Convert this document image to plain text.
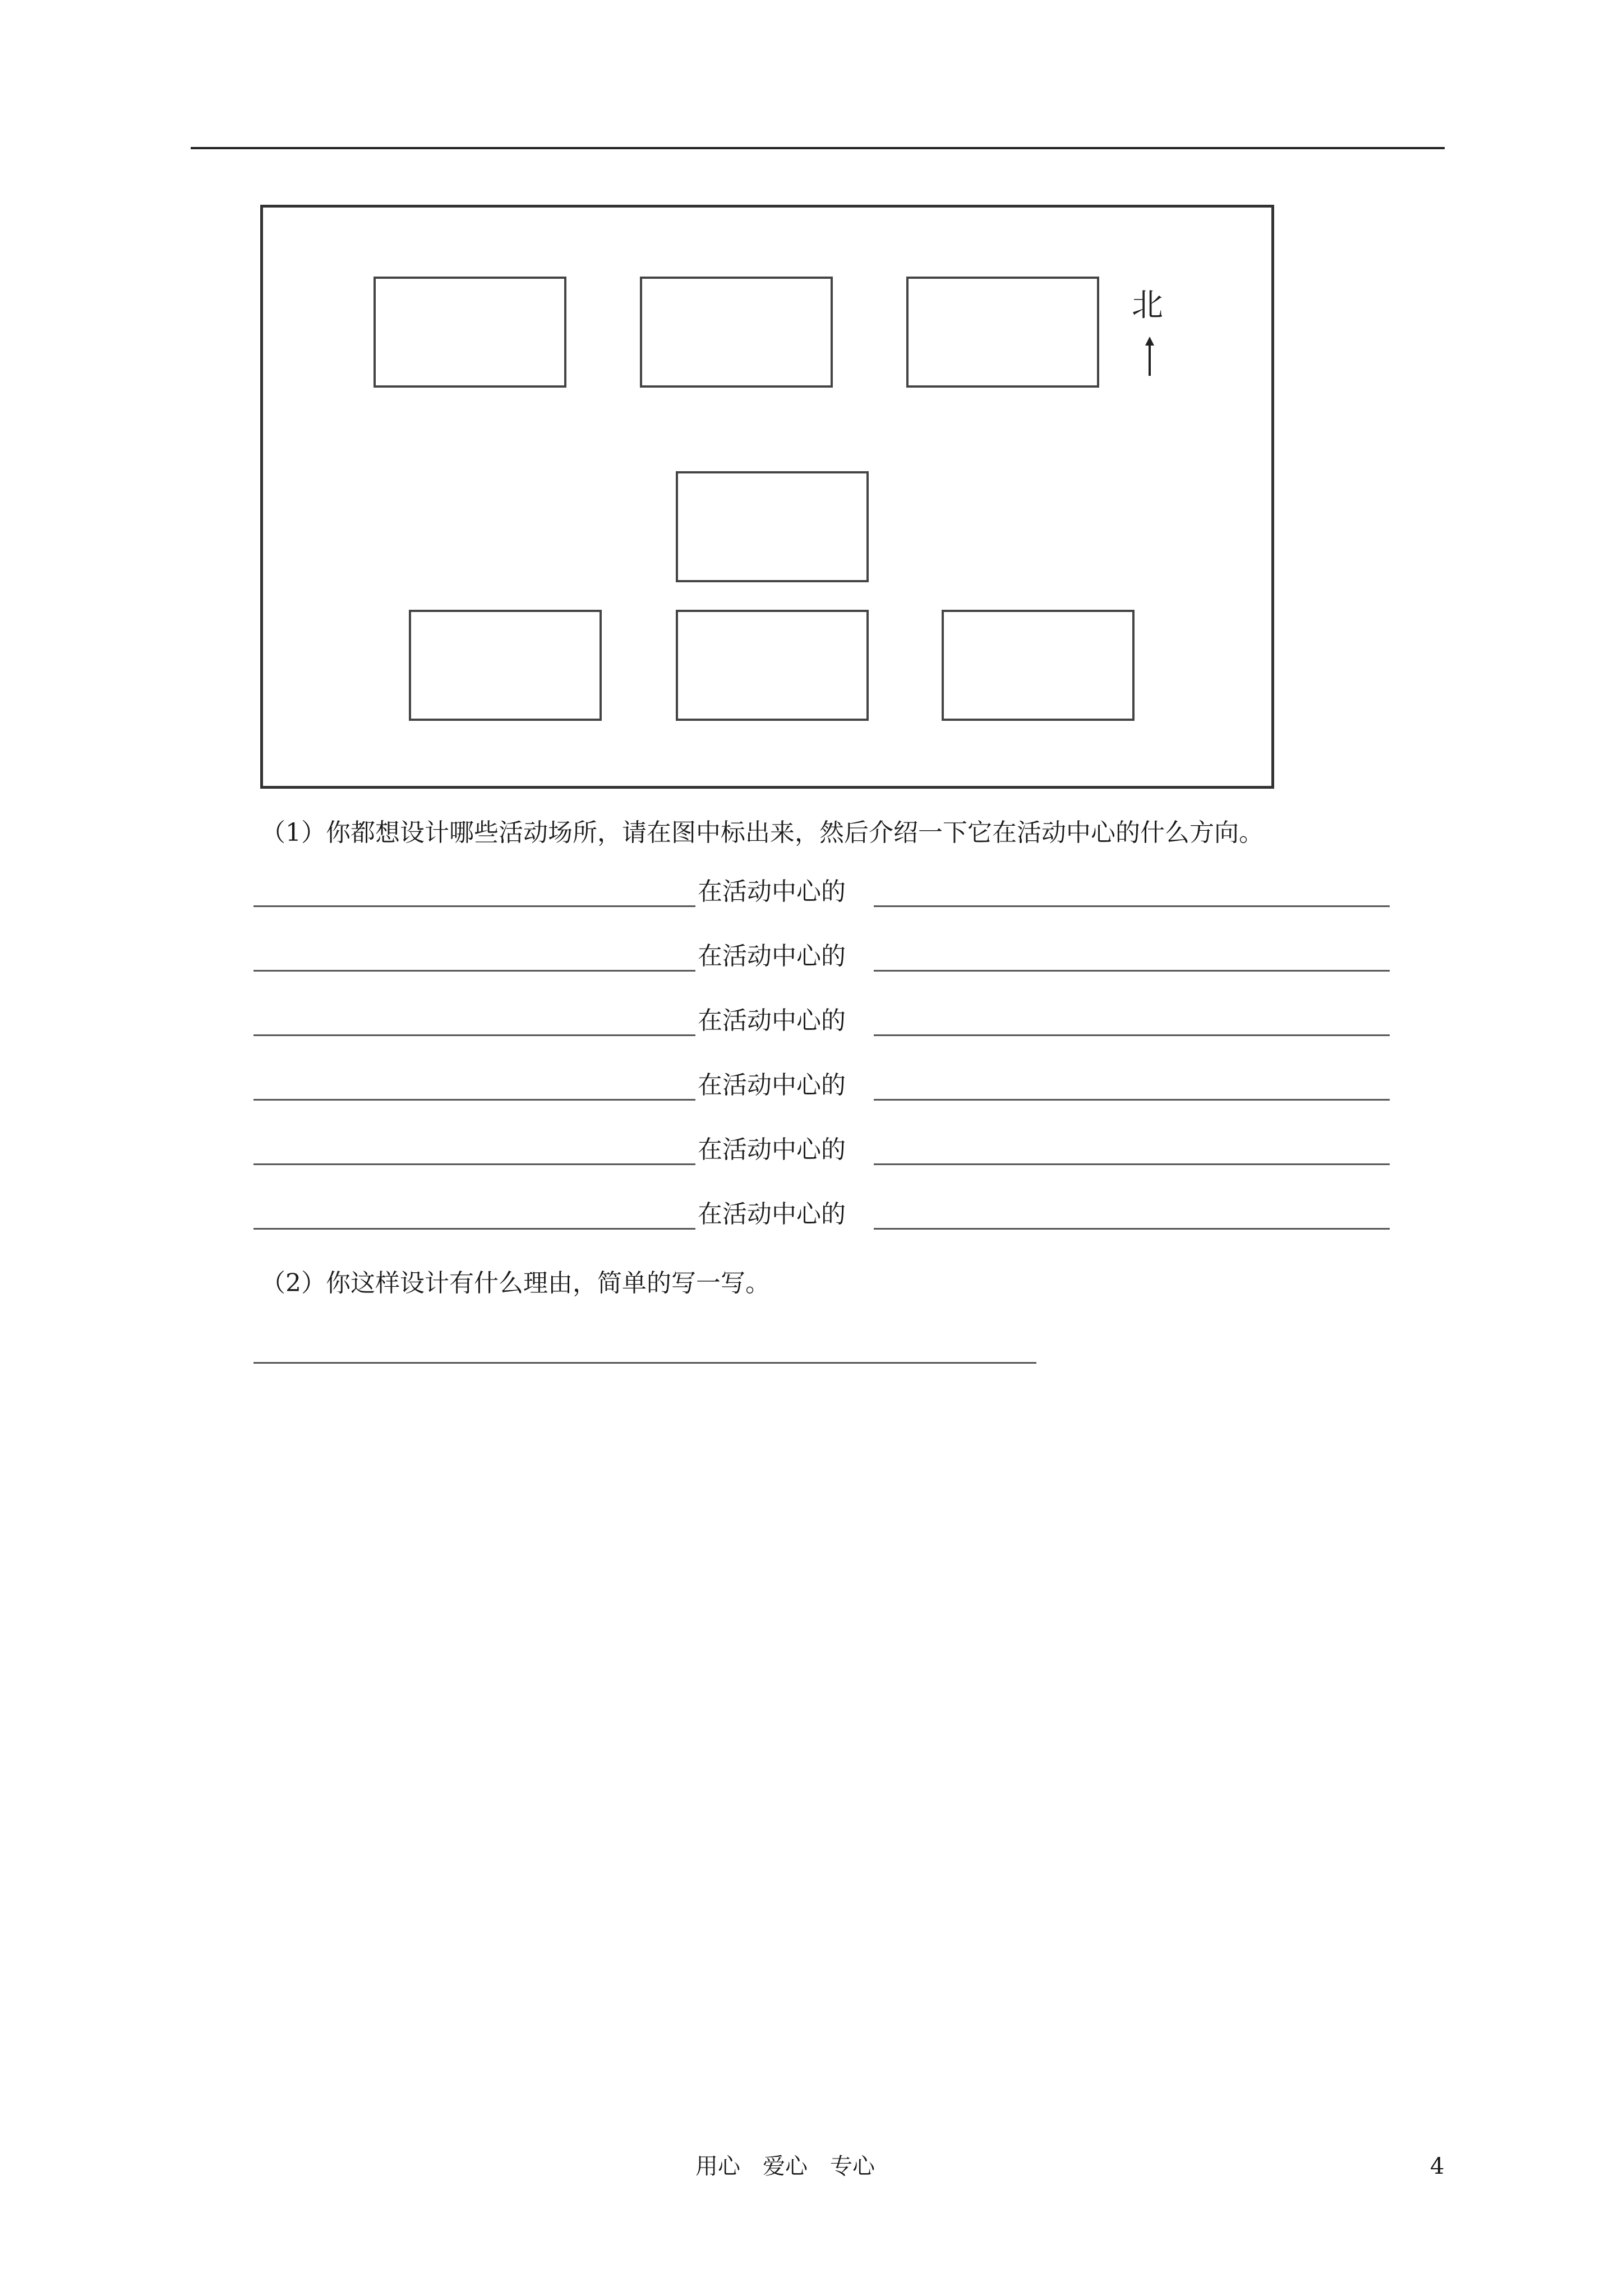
北
（1）你都想设计哪些活动场所，请在图中标出来，然后介绍一下它在活动中心的什么方向。
在活动中心的
在活动中心的
在活动中心的
在活动中心的
在活动中心的
在活动中心的
（2）你这样设计有什么理由，简单的写一写。
用心　爱心　专心	4
